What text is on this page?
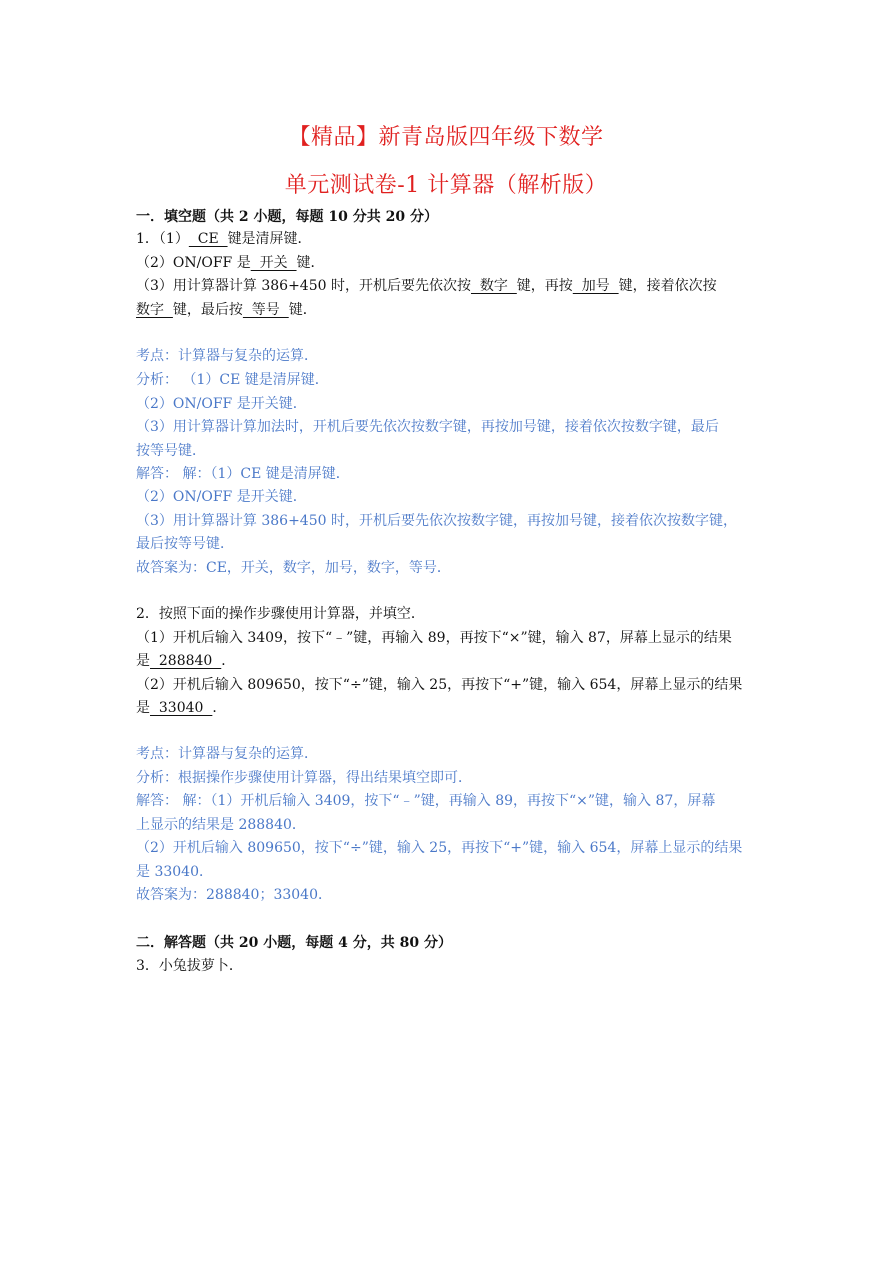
【精品】新青岛版四年级下数学
单元测试卷-1 计算器（解析版）
一．填空题（共 2 小题，每题 10 分共 20 分）
1．（1）  CE  键是清屏键．
（2）ON/OFF 是  开关  键．
（3）用计算器计算 386+450 时，开机后要先依次按  数字  键，再按  加号  键，接着依次按
数字  键，最后按  等号  键．
考点：计算器与复杂的运算．
分析： （1）CE 键是清屏键．
（2）ON/OFF 是开关键．
（3）用计算器计算加法时，开机后要先依次按数字键，再按加号键，接着依次按数字键，最后
按等号键．
解答： 解：（1）CE 键是清屏键．
（2）ON/OFF 是开关键．
（3）用计算器计算 386+450 时，开机后要先依次按数字键，再按加号键，接着依次按数字键，
最后按等号键．
故答案为：CE，开关，数字，加号，数字，等号．
2．按照下面的操作步骤使用计算器，并填空．
（1）开机后输入 3409，按下“﹣”键，再输入 89，再按下“×”键，输入 87，屏幕上显示的结果
是  288840  ．
（2）开机后输入 809650，按下“÷”键，输入 25，再按下“+”键，输入 654，屏幕上显示的结果
是  33040  ．
考点：计算器与复杂的运算．
分析：根据操作步骤使用计算器，得出结果填空即可．
解答： 解：（1）开机后输入 3409，按下“﹣”键，再输入 89，再按下“×”键，输入 87，屏幕
上显示的结果是 288840．
（2）开机后输入 809650，按下“÷”键，输入 25，再按下“+”键，输入 654，屏幕上显示的结果
是 33040．
故答案为：288840；33040．
二．解答题（共 20 小题，每题 4 分，共 80 分）
3．小兔拔萝卜．
